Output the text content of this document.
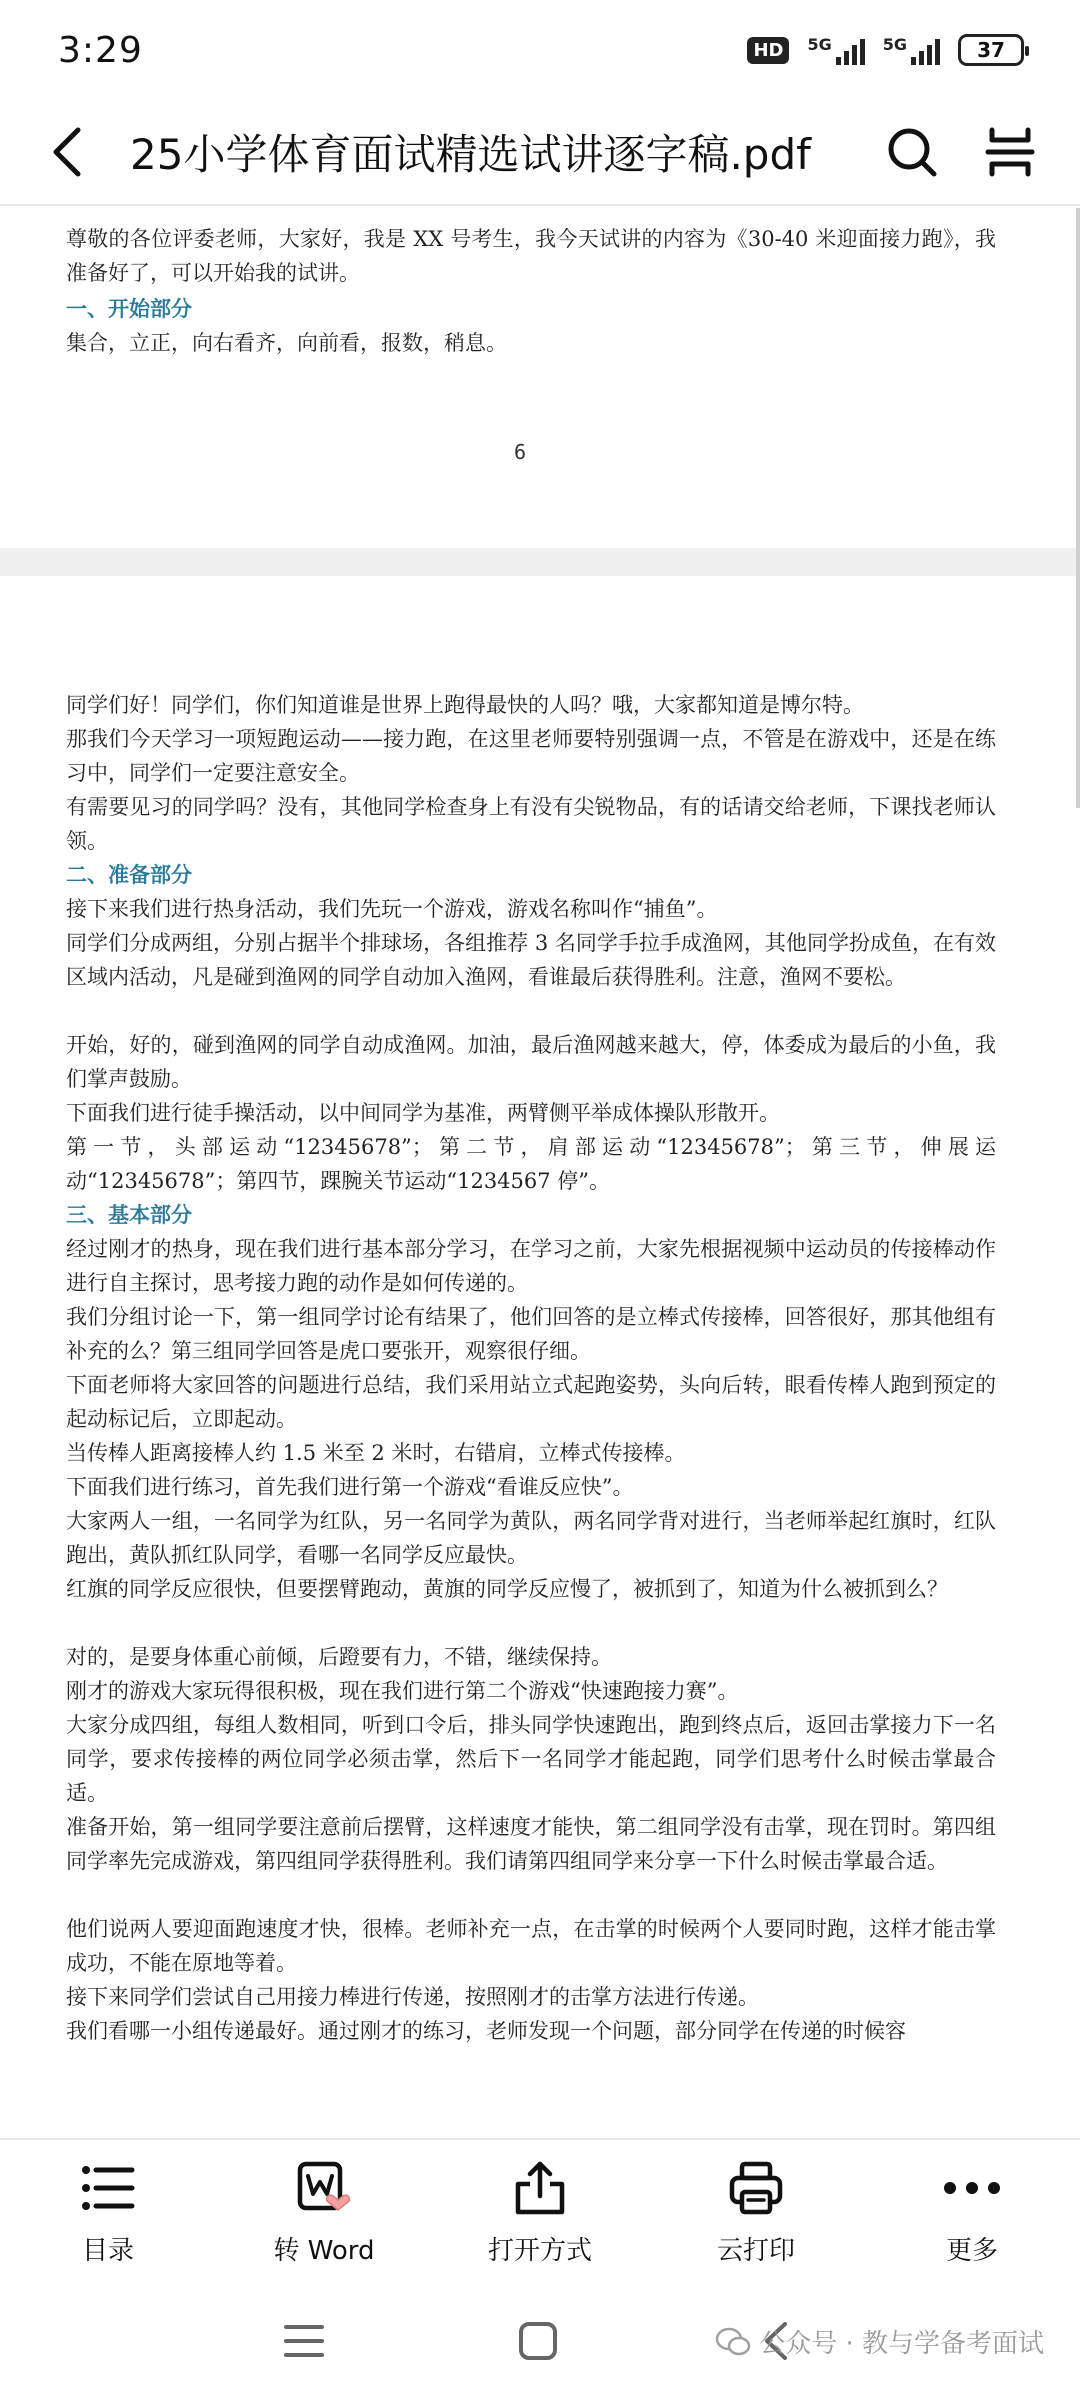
3:29	HD	5G	5G	37
25小学体育面试精选试讲逐字稿.pdf

尊敬的各位评委老师，大家好，我是 XX 号考生，我今天试讲的内容为《30-40 米迎面接力跑》，我准备好了，可以开始我的试讲。

一、开始部分

集合，立正，向右看齐，向前看，报数，稍息。

6

同学们好！同学们，你们知道谁是世界上跑得最快的人吗？哦，大家都知道是博尔特。

那我们今天学习一项短跑运动——接力跑，在这里老师要特别强调一点，不管是在游戏中，还是在练习中，同学们一定要注意安全。

有需要见习的同学吗？没有，其他同学检查身上有没有尖锐物品，有的话请交给老师，下课找老师认领。

二、准备部分

接下来我们进行热身活动，我们先玩一个游戏，游戏名称叫作“捕鱼”。

同学们分成两组，分别占据半个排球场，各组推荐 3 名同学手拉手成渔网，其他同学扮成鱼，在有效区域内活动，凡是碰到渔网的同学自动加入渔网，看谁最后获得胜利。注意，渔网不要松。

开始，好的，碰到渔网的同学自动成渔网。加油，最后渔网越来越大，停，体委成为最后的小鱼，我们掌声鼓励。

下面我们进行徒手操活动，以中间同学为基准，两臂侧平举成体操队形散开。

第一节，头部运动“12345678”；第二节，肩部运动“12345678”；第三节，伸展运动“12345678”；第四节，踝腕关节运动“1234567 停”。

三、基本部分

经过刚才的热身，现在我们进行基本部分学习，在学习之前，大家先根据视频中运动员的传接棒动作进行自主探讨，思考接力跑的动作是如何传递的。

我们分组讨论一下，第一组同学讨论有结果了，他们回答的是立棒式传接棒，回答很好，那其他组有补充的么？第三组同学回答是虎口要张开，观察很仔细。

下面老师将大家回答的问题进行总结，我们采用站立式起跑姿势，头向后转，眼看传棒人跑到预定的起动标记后，立即起动。

当传棒人距离接棒人约 1.5 米至 2 米时，右错肩，立棒式传接棒。

下面我们进行练习，首先我们进行第一个游戏“看谁反应快”。

大家两人一组，一名同学为红队，另一名同学为黄队，两名同学背对进行，当老师举起红旗时，红队跑出，黄队抓红队同学，看哪一名同学反应最快。

红旗的同学反应很快，但要摆臂跑动，黄旗的同学反应慢了，被抓到了，知道为什么被抓到么？

对的，是要身体重心前倾，后蹬要有力，不错，继续保持。

刚才的游戏大家玩得很积极，现在我们进行第二个游戏“快速跑接力赛”。

大家分成四组，每组人数相同，听到口令后，排头同学快速跑出，跑到终点后，返回击掌接力下一名同学，要求传接棒的两位同学必须击掌，然后下一名同学才能起跑，同学们思考什么时候击掌最合适。

准备开始，第一组同学要注意前后摆臂，这样速度才能快，第二组同学没有击掌，现在罚时。第四组同学率先完成游戏，第四组同学获得胜利。我们请第四组同学来分享一下什么时候击掌最合适。

他们说两人要迎面跑速度才快，很棒。老师补充一点，在击掌的时候两个人要同时跑，这样才能击掌成功，不能在原地等着。

接下来同学们尝试自己用接力棒进行传递，按照刚才的击掌方法进行传递。

我们看哪一小组传递最好。通过刚才的练习，老师发现一个问题，部分同学在传递的时候容

目录	转 Word	打开方式	云打印	更多
公众号 · 教与学备考面试
